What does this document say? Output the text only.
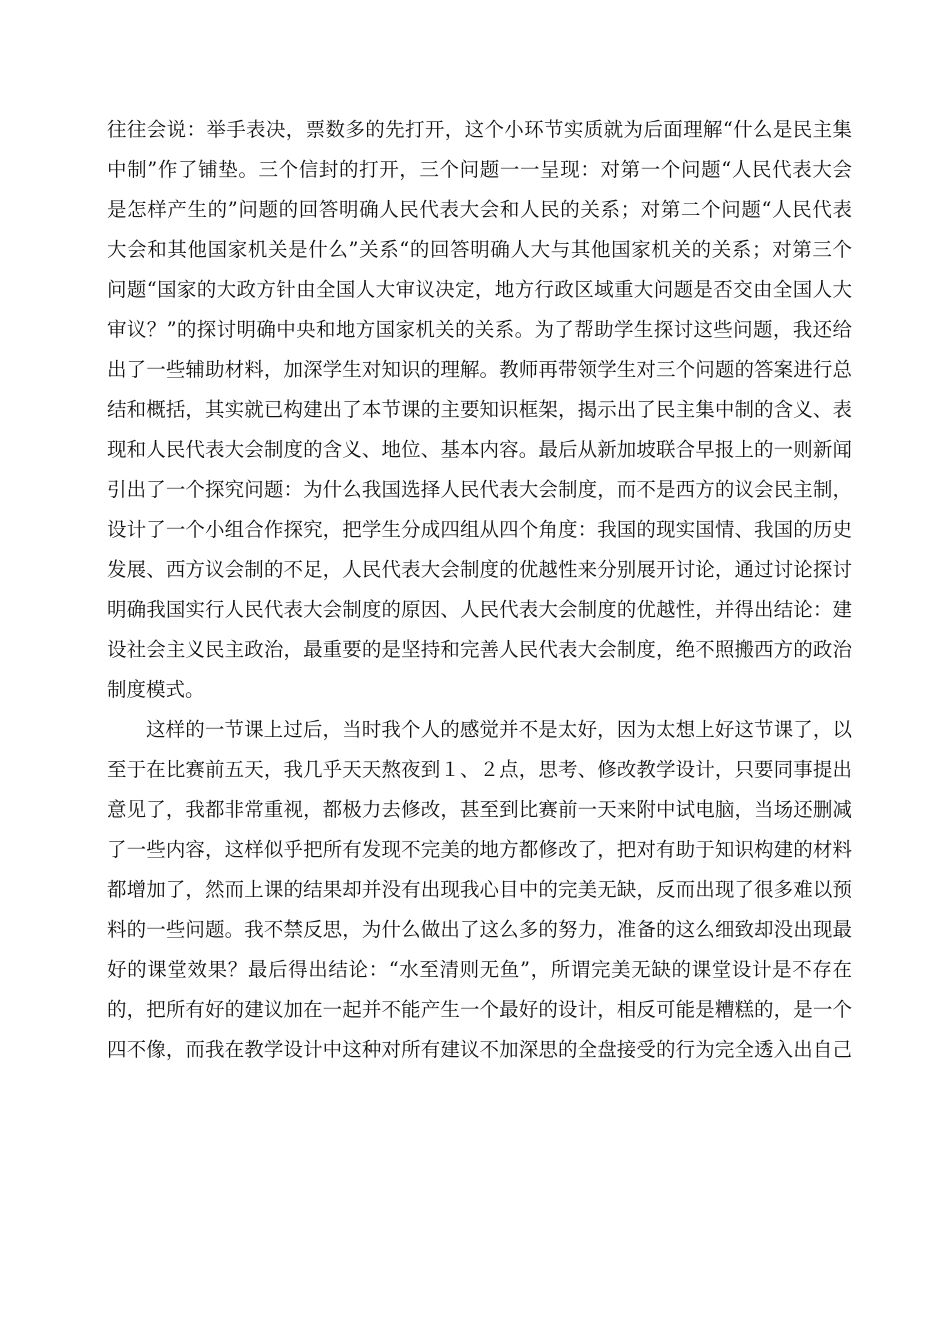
往往会说：举手表决，票数多的先打开，这个小环节实质就为后面理解“什么是民主集
中制”作了铺垫。三个信封的打开，三个问题一一呈现：对第一个问题“人民代表大会
是怎样产生的”问题的回答明确人民代表大会和人民的关系；对第二个问题“人民代表
大会和其他国家机关是什么”关系“的回答明确人大与其他国家机关的关系；对第三个
问题“国家的大政方针由全国人大审议决定，地方行政区域重大问题是否交由全国人大
审议？”的探讨明确中央和地方国家机关的关系。为了帮助学生探讨这些问题，我还给
出了一些辅助材料，加深学生对知识的理解。教师再带领学生对三个问题的答案进行总
结和概括，其实就已构建出了本节课的主要知识框架，揭示出了民主集中制的含义、表
现和人民代表大会制度的含义、地位、基本内容。最后从新加坡联合早报上的一则新闻
引出了一个探究问题：为什么我国选择人民代表大会制度，而不是西方的议会民主制，
设计了一个小组合作探究，把学生分成四组从四个角度：我国的现实国情、我国的历史
发展、西方议会制的不足，人民代表大会制度的优越性来分别展开讨论，通过讨论探讨
明确我国实行人民代表大会制度的原因、人民代表大会制度的优越性，并得出结论：建
设社会主义民主政治，最重要的是坚持和完善人民代表大会制度，绝不照搬西方的政治
制度模式。
这样的一节课上过后，当时我个人的感觉并不是太好，因为太想上好这节课了，以
至于在比赛前五天，我几乎天天熬夜到１、２点，思考、修改教学设计，只要同事提出
意见了，我都非常重视，都极力去修改，甚至到比赛前一天来附中试电脑，当场还删减
了一些内容，这样似乎把所有发现不完美的地方都修改了，把对有助于知识构建的材料
都增加了，然而上课的结果却并没有出现我心目中的完美无缺，反而出现了很多难以预
料的一些问题。我不禁反思，为什么做出了这么多的努力，准备的这么细致却没出现最
好的课堂效果？最后得出结论：“水至清则无鱼”，所谓完美无缺的课堂设计是不存在
的，把所有好的建议加在一起并不能产生一个最好的设计，相反可能是糟糕的，是一个
四不像，而我在教学设计中这种对所有建议不加深思的全盘接受的行为完全透入出自己
